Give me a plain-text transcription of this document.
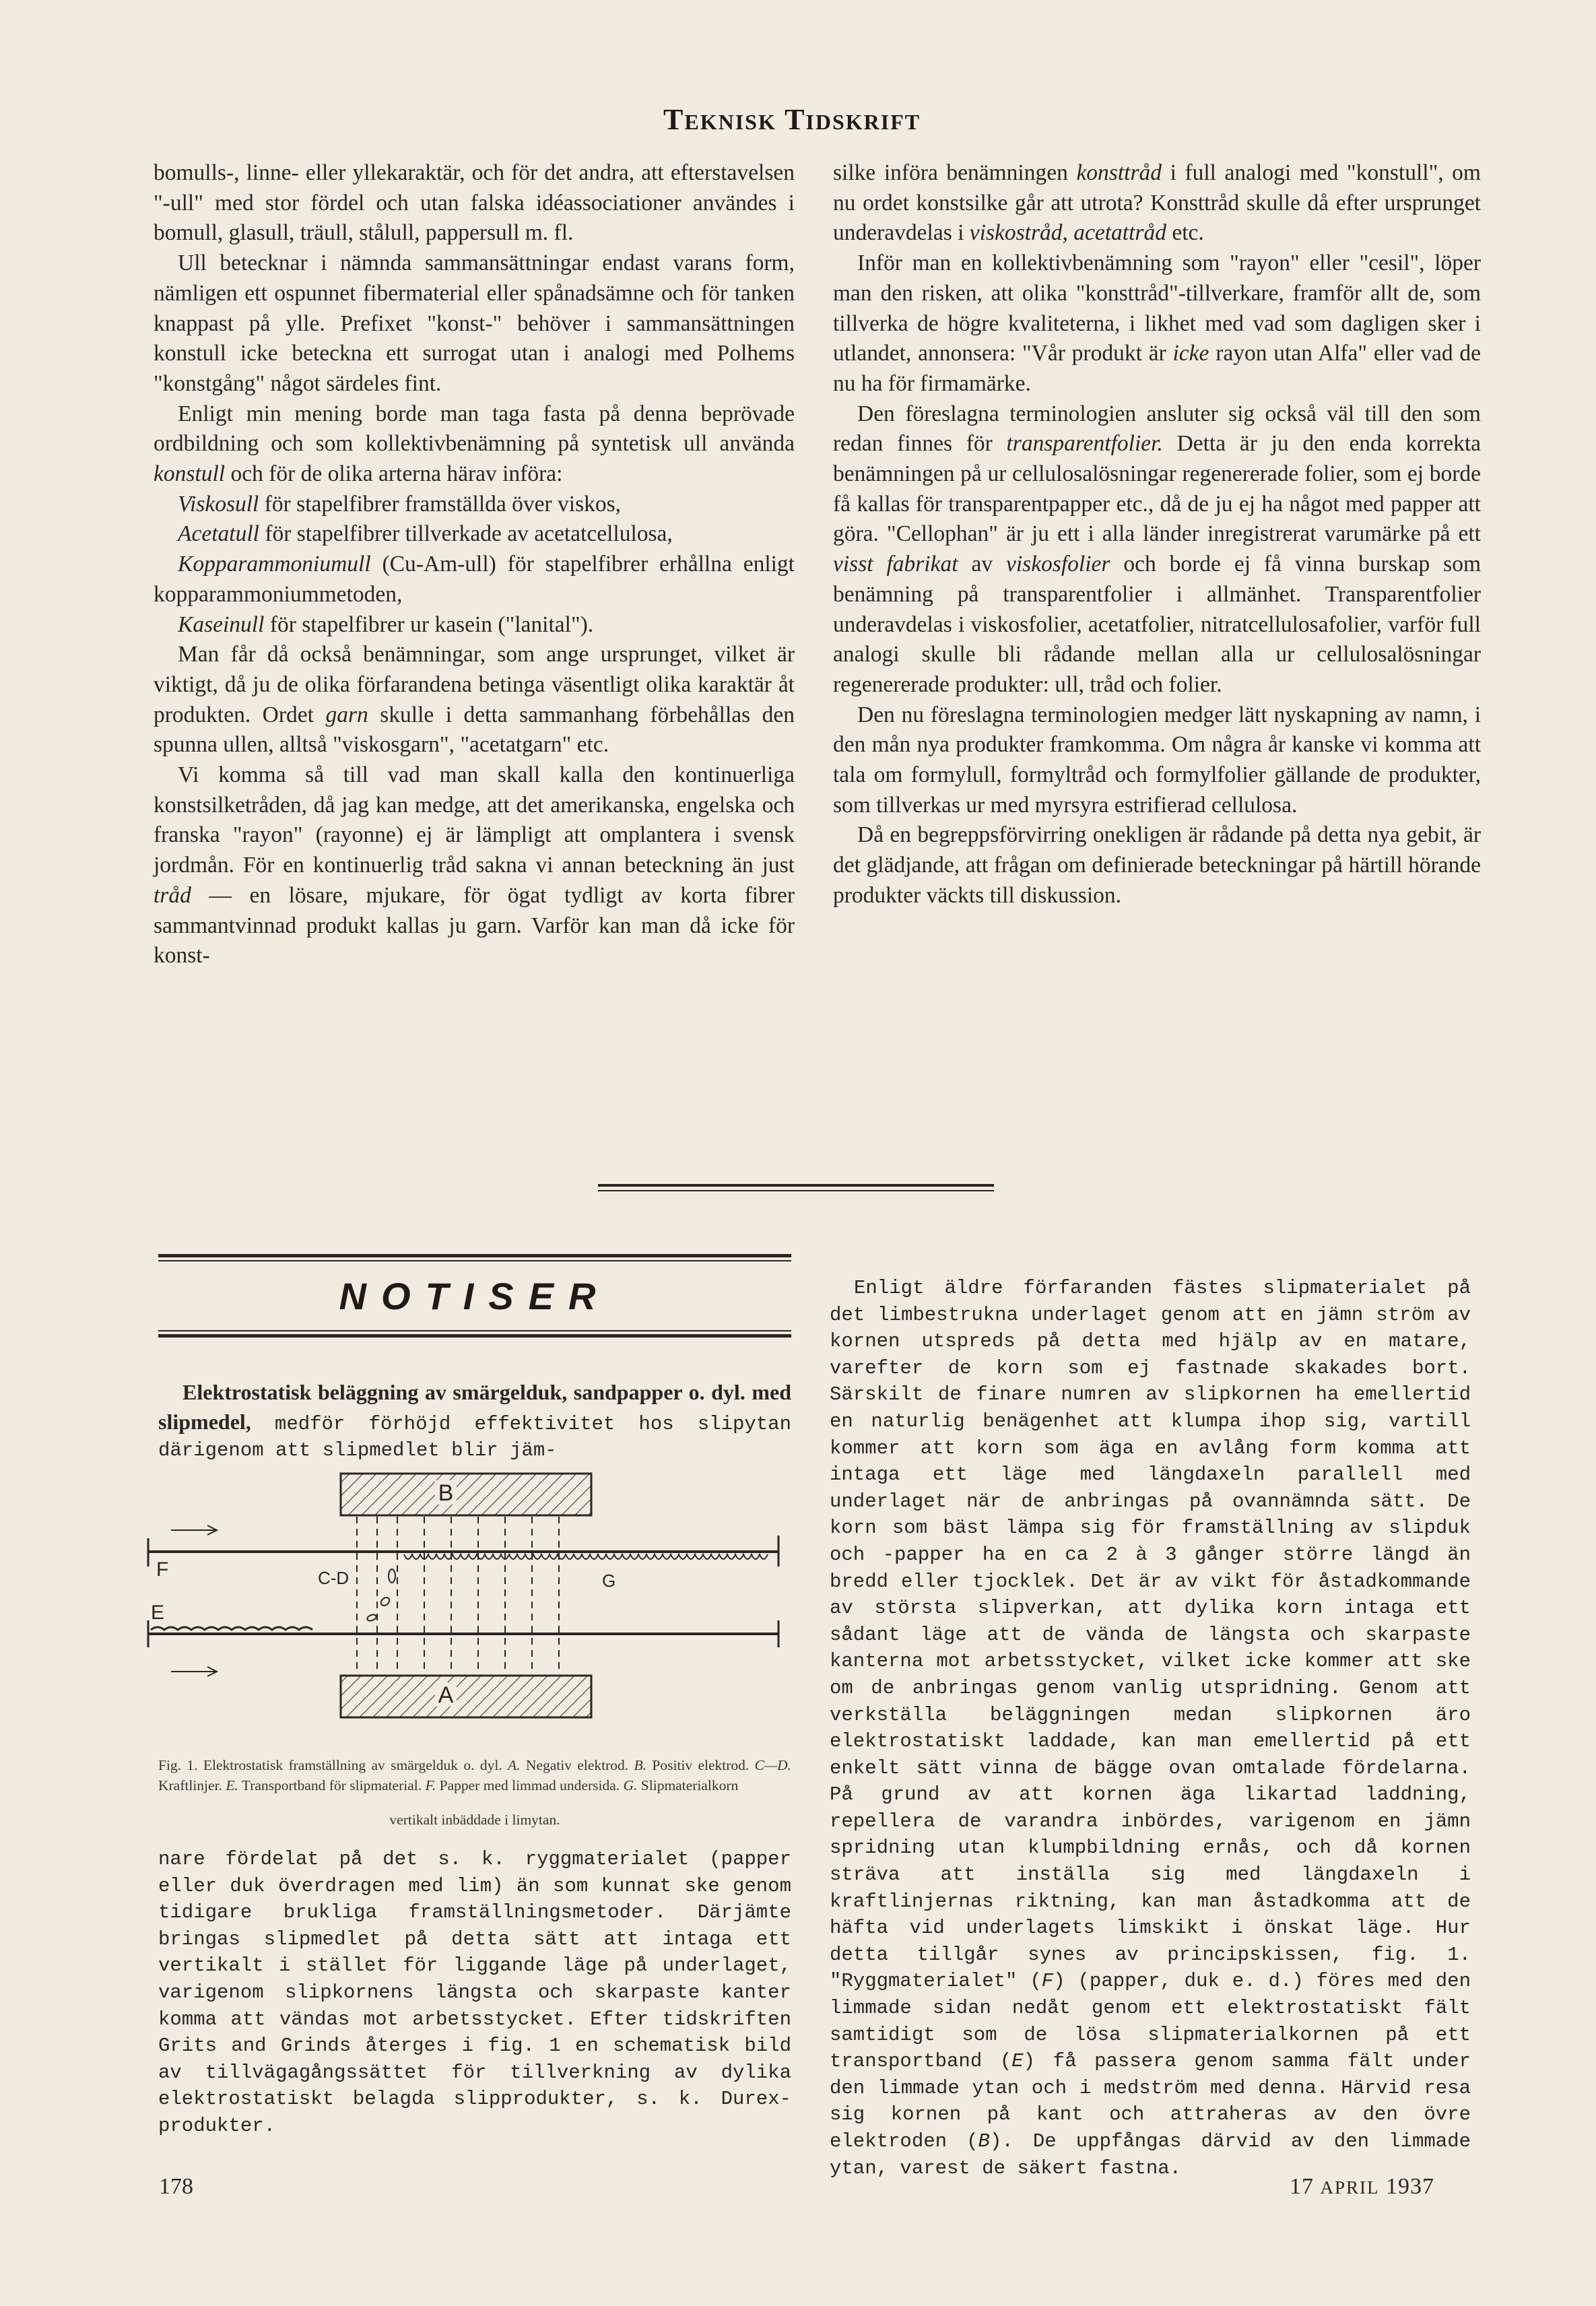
TEKNISK TIDSKRIFT

bomulls-, linne- eller yllekaraktär, och för det andra, att efterstavelsen "-ull" med stor fördel och utan falska idéassociationer användes i bomull, glasull, träull, stålull, pappersull m. fl.

Ull betecknar i nämnda sammansättningar endast varans form, nämligen ett ospunnet fibermaterial eller spånadsämne och för tanken knappast på ylle. Prefixet "konst-" behöver i sammansättningen konstull icke beteckna ett surrogat utan i analogi med Polhems "konstgång" något särdeles fint.

Enligt min mening borde man taga fasta på denna beprövade ordbildning och som kollektivbenämning på syntetisk ull använda konstull och för de olika arterna härav införa:

Viskosull för stapelfibrer framställda över viskos,

Acetatull för stapelfibrer tillverkade av acetatcellulosa,

Kopparammoniumull (Cu-Am-ull) för stapelfibrer erhållna enligt kopparammoniummetoden,

Kaseinull för stapelfibrer ur kasein ("lanital").

Man får då också benämningar, som ange ursprunget, vilket är viktigt, då ju de olika förfarandena betinga väsentligt olika karaktär åt produkten. Ordet garn skulle i detta sammanhang förbehållas den spunna ullen, alltså "viskosgarn", "acetatgarn" etc.

Vi komma så till vad man skall kalla den kontinuerliga konstsilketråden, då jag kan medge, att det amerikanska, engelska och franska "rayon" (rayonne) ej är lämpligt att omplantera i svensk jordmån. För en kontinuerlig tråd sakna vi annan beteckning än just tråd — en lösare, mjukare, för ögat tydligt av korta fibrer sammantvinnad produkt kallas ju garn. Varför kan man då icke för konst-

silke införa benämningen konsttråd i full analogi med "konstull", om nu ordet konstsilke går att utrota? Konsttråd skulle då efter ursprunget underavdelas i viskostråd, acetattråd etc.

Inför man en kollektivbenämning som "rayon" eller "cesil", löper man den risken, att olika "konsttråd"-tillverkare, framför allt de, som tillverka de högre kvaliteterna, i likhet med vad som dagligen sker i utlandet, annonsera: "Vår produkt är icke rayon utan Alfa" eller vad de nu ha för firmamärke.

Den föreslagna terminologien ansluter sig också väl till den som redan finnes för transparentfolier. Detta är ju den enda korrekta benämningen på ur cellulosalösningar regenererade folier, som ej borde få kallas för transparentpapper etc., då de ju ej ha något med papper att göra. "Cellophan" är ju ett i alla länder inregistrerat varumärke på ett visst fabrikat av viskosfolier och borde ej få vinna burskap som benämning på transparentfolier i allmänhet. Transparentfolier underavdelas i viskosfolier, acetatfolier, nitratcellulosafolier, varför full analogi skulle bli rådande mellan alla ur cellulosalösningar regenererade produkter: ull, tråd och folier.

Den nu föreslagna terminologien medger lätt nyskapning av namn, i den mån nya produkter framkomma. Om några år kanske vi komma att tala om formylull, formyltråd och formylfolier gällande de produkter, som tillverkas ur med myrsyra estrifierad cellulosa.

Då en begreppsförvirring onekligen är rådande på detta nya gebit, är det glädjande, att frågan om definierade beteckningar på härtill hörande produkter väckts till diskussion.

NOTISER

Elektrostatisk beläggning av smärgelduk, sandpapper o. dyl. med slipmedel, medför förhöjd effektivitet hos slipytan därigenom att slipmedlet blir jäm-

B
A
F
E
C-D	G

Fig. 1. Elektrostatisk framställning av smärgelduk o. dyl. A. Negativ elektrod. B. Positiv elektrod. C—D. Kraftlinjer. E. Transportband för slipmaterial. F. Papper med limmad undersida. G. Slipmaterialkorn

vertikalt inbäddade i limytan.

nare fördelat på det s. k. ryggmaterialet (papper eller duk överdragen med lim) än som kunnat ske genom tidigare brukliga framställningsmetoder. Därjämte bringas slipmedlet på detta sätt att intaga ett vertikalt i stället för liggande läge på underlaget, varigenom slipkornens längsta och skarpaste kanter komma att vändas mot arbetsstycket. Efter tidskriften Grits and Grinds återges i fig. 1 en schematisk bild av tillvägagångssättet för tillverkning av dylika elektrostatiskt belagda slipprodukter, s. k. Durex-produkter.

Enligt äldre förfaranden fästes slipmaterialet på det limbestrukna underlaget genom att en jämn ström av kornen utspreds på detta med hjälp av en matare, varefter de korn som ej fastnade skakades bort. Särskilt de finare numren av slipkornen ha emellertid en naturlig benägenhet att klumpa ihop sig, vartill kommer att korn som äga en avlång form komma att intaga ett läge med längdaxeln parallell med underlaget när de anbringas på ovannämnda sätt. De korn som bäst lämpa sig för framställning av slipduk och -papper ha en ca 2 à 3 gånger större längd än bredd eller tjocklek. Det är av vikt för åstadkommande av största slipverkan, att dylika korn intaga ett sådant läge att de vända de längsta och skarpaste kanterna mot arbetsstycket, vilket icke kommer att ske om de anbringas genom vanlig utspridning. Genom att verkställa beläggningen medan slipkornen äro elektrostatiskt laddade, kan man emellertid på ett enkelt sätt vinna de bägge ovan omtalade fördelarna. På grund av att kornen äga likartad laddning, repellera de varandra inbördes, varigenom en jämn spridning utan klumpbildning ernås, och då kornen sträva att inställa sig med längdaxeln i kraftlinjernas riktning, kan man åstadkomma att de häfta vid underlagets limskikt i önskat läge. Hur detta tillgår synes av principskissen, fig. 1. "Ryggmaterialet" (F) (papper, duk e. d.) föres med den limmade sidan nedåt genom ett elektrostatiskt fält samtidigt som de lösa slipmaterialkornen på ett transportband (E) få passera genom samma fält under den limmade ytan och i medström med denna. Härvid resa sig kornen på kant och attraheras av den övre elektroden (B). De uppfångas därvid av den limmade ytan, varest de säkert fastna.

178	17 APRIL 1937
